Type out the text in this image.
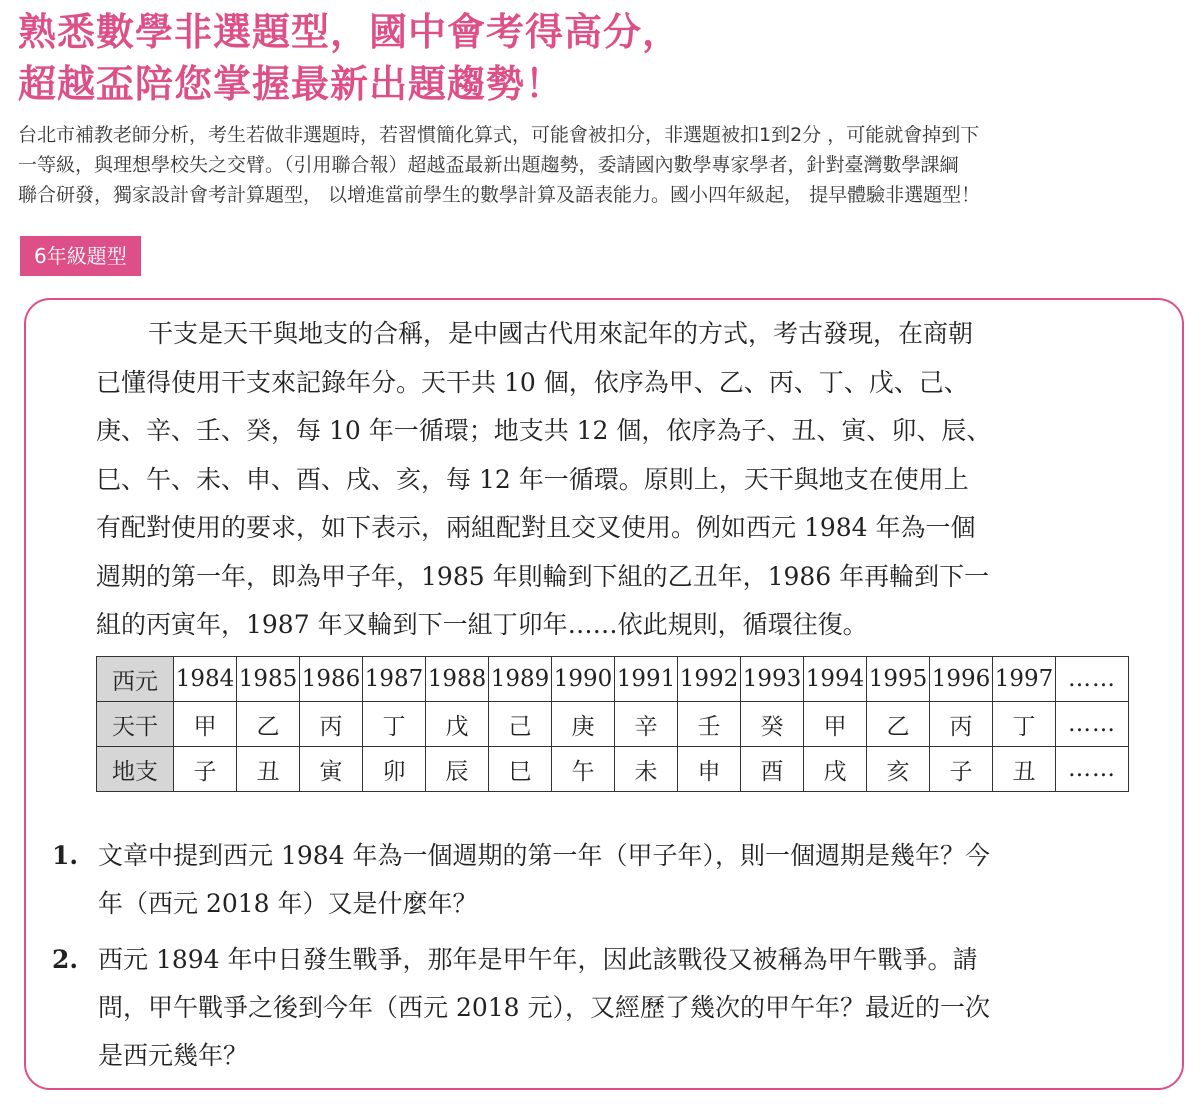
熟悉數學非選題型，國中會考得高分，
超越盃陪您掌握最新出題趨勢！
台北市補教老師分析，考生若做非選題時，若習慣簡化算式，可能會被扣分，非選題被扣1到2分 ，可能就會掉到下
一等級，與理想學校失之交臂。（引用聯合報）超越盃最新出題趨勢，委請國內數學專家學者，針對臺灣數學課綱
聯合研發，獨家設計會考計算題型， 以增進當前學生的數學計算及語表能力。國小四年級起， 提早體驗非選題型！
6年級題型
干支是天干與地支的合稱，是中國古代用來記年的方式，考古發現，在商朝
已懂得使用干支來記錄年分。天干共 10 個，依序為甲、乙、丙、丁、戊、己、
庚、辛、壬、癸，每 10 年一循環；地支共 12 個，依序為子、丑、寅、卯、辰、
巳、午、未、申、酉、戌、亥，每 12 年一循環。原則上，天干與地支在使用上
有配對使用的要求，如下表示，兩組配對且交叉使用。例如西元 1984 年為一個
週期的第一年，即為甲子年，1985 年則輪到下組的乙丑年，1986 年再輪到下一
組的丙寅年，1987 年又輪到下一組丁卯年……依此規則，循環往復。
西元	1984	1985	1986	1987	1988	1989	1990	1991	1992	1993	1994	1995	1996	1997	……
天干	甲	乙	丙	丁	戊	己	庚	辛	壬	癸	甲	乙	丙	丁	……
地支	子	丑	寅	卯	辰	巳	午	未	申	酉	戌	亥	子	丑	……
1. 文章中提到西元 1984 年為一個週期的第一年（甲子年），則一個週期是幾年？今
年（西元 2018 年）又是什麼年？
2. 西元 1894 年中日發生戰爭，那年是甲午年，因此該戰役又被稱為甲午戰爭。請
問，甲午戰爭之後到今年（西元 2018 元），又經歷了幾次的甲午年？最近的一次
是西元幾年？
